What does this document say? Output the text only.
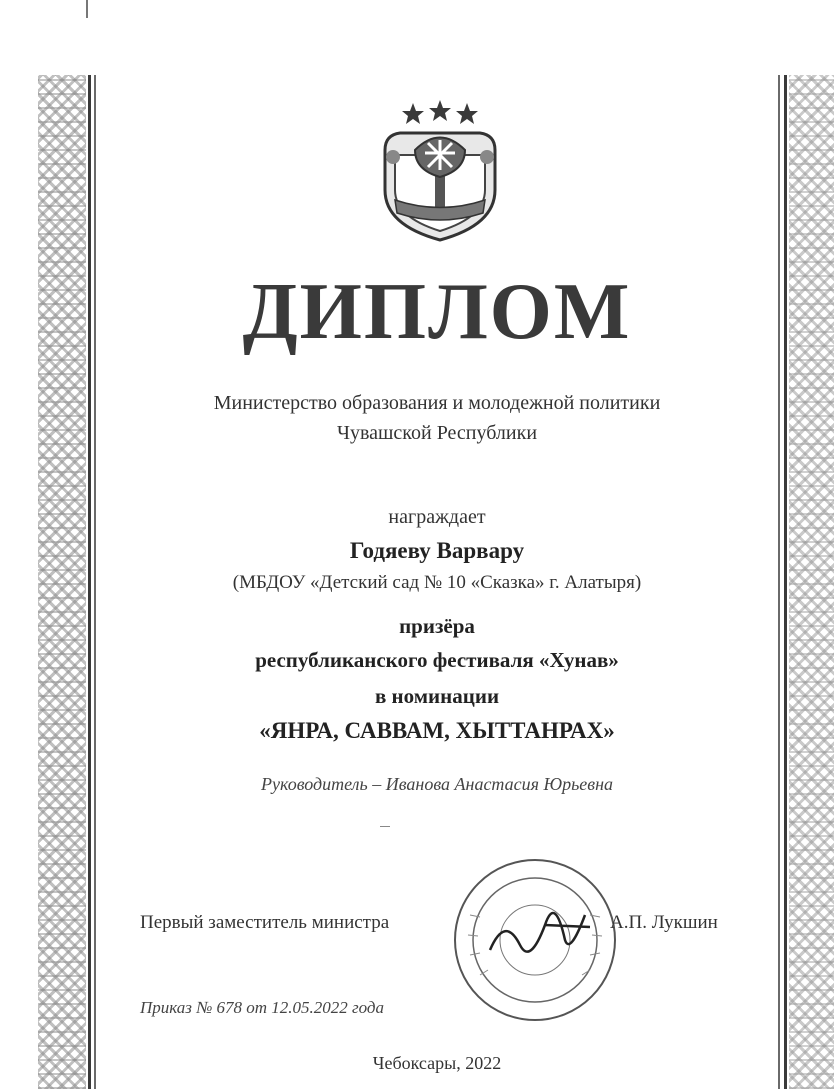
ДИПЛОМ
Министерство образования и молодежной политики
Чувашской Республики
награждает
Годяеву Варвару
(МБДОУ «Детский сад № 10 «Сказка» г. Алатыря)
призёра
республиканского фестиваля «Хунав»
в номинации
«ЯНРА, САВВАМ, ХЫТТАНРАХ»
Руководитель – Иванова Анастасия Юрьевна
Первый заместитель министра	А.П. Лукшин
Приказ № 678 от 12.05.2022 года
Чебоксары, 2022
